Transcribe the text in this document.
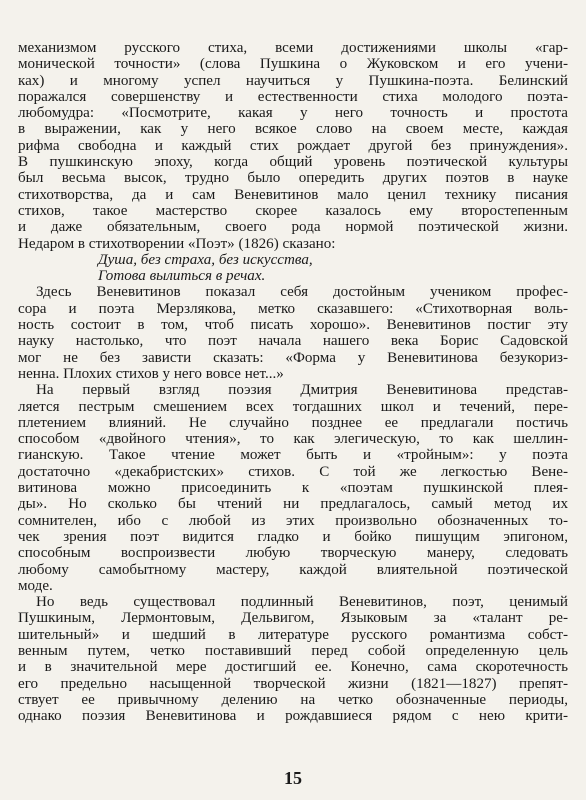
механизмом русского стиха, всеми достижениями школы «гар-
монической точности» (слова Пушкина о Жуковском и его учени-
ках) и многому успел научиться у Пушкина-поэта. Белинский
поражался совершенству и естественности стиха молодого поэта-
любомудра: «Посмотрите, какая у него точность и простота
в выражении, как у него всякое слово на своем месте, каждая
рифма свободна и каждый стих рождает другой без принуждения».
В пушкинскую эпоху, когда общий уровень поэтической культуры
был весьма высок, трудно было опередить других поэтов в науке
стихотворства, да и сам Веневитинов мало ценил технику писания
стихов, такое мастерство скорее казалось ему второстепенным
и даже обязательным, своего рода нормой поэтической жизни.
Недаром в стихотворении «Поэт» (1826) сказано:
Душа, без страха, без искусства,
Готова вылиться в речах.
Здесь Веневитинов показал себя достойным учеником профес-
сора и поэта Мерзлякова, метко сказавшего: «Стихотворная воль-
ность состоит в том, чтоб писать хорошо». Веневитинов постиг эту
науку настолько, что поэт начала нашего века Борис Садовской
мог не без зависти сказать: «Форма у Веневитинова безукориз-
ненна. Плохих стихов у него вовсе нет...»
На первый взгляд поэзия Дмитрия Веневитинова представ-
ляется пестрым смешением всех тогдашних школ и течений, пере-
плетением влияний. Не случайно позднее ее предлагали постичь
способом «двойного чтения», то как элегическую, то как шеллин-
гианскую. Такое чтение может быть и «тройным»: у поэта
достаточно «декабристских» стихов. С той же легкостью Вене-
витинова можно присоединить к «поэтам пушкинской плея-
ды». Но сколько бы чтений ни предлагалось, самый метод их
сомнителен, ибо с любой из этих произвольно обозначенных то-
чек зрения поэт видится гладко и бойко пишущим эпигоном,
способным воспроизвести любую творческую манеру, следовать
любому самобытному мастеру, каждой влиятельной поэтической
моде.
Но ведь существовал подлинный Веневитинов, поэт, ценимый
Пушкиным, Лермонтовым, Дельвигом, Языковым за «талант ре-
шительный» и шедший в литературе русского романтизма собст-
венным путем, четко поставивший перед собой определенную цель
и в значительной мере достигший ее. Конечно, сама скоротечность
его предельно насыщенной творческой жизни (1821—1827) препят-
ствует ее привычному делению на четко обозначенные периоды,
однако поэзия Веневитинова и рождавшиеся рядом с нею крити-
15
